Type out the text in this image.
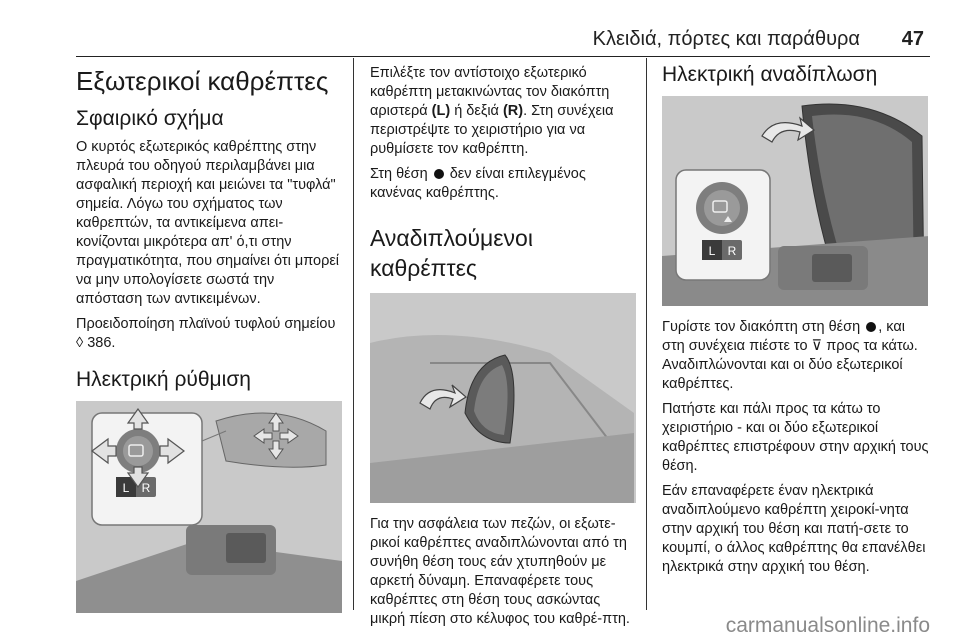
Κλειδιά, πόρτες και παράθυρα 47
Εξωτερικοί καθρέπτες
Σφαιρικό σχήμα

Ο κυρτός εξωτερικός καθρέπτης στην πλευρά του οδηγού περιλαμβάνει μια ασφαλική περιοχή και μειώνει τα "τυφλά" σημεία. Λόγω του σχήματος των καθρεπτών, τα αντικείμενα απει-κονίζονται μικρότερα απ' ό,τι στην πραγματικότητα, που σημαίνει ότι μπορεί να μην υπολογίσετε σωστά την απόσταση των αντικειμένων.

Προειδοποίηση πλαϊνού τυφλού σημείου ◊ 386.

Ηλεκτρική ρύθμιση
L R

Επιλέξτε τον αντίστοιχο εξωτερικό καθρέπτη μετακινώντας τον διακόπτη αριστερά (L) ή δεξιά (R). Στη συνέχεια περιστρέψτε το χειριστήριο για να ρυθμίσετε τον καθρέπτη.

Στη θέση  δεν είναι επιλεγμένος κανένας καθρέπτης.

Αναδιπλούμενοι καθρέπτες

Για την ασφάλεια των πεζών, οι εξωτε-ρικοί καθρέπτες αναδιπλώνονται από τη συνήθη θέση τους εάν χτυπηθούν με αρκετή δύναμη. Επαναφέρετε τους καθρέπτες στη θέση τους ασκώντας μικρή πίεση στο κέλυφος του καθρέ-πτη.

Ηλεκτρική αναδίπλωση
L R

Γυρίστε τον διακόπτη στη θέση , και στη συνέχεια πιέστε το ⊽ προς τα κάτω. Αναδιπλώνονται και οι δύο εξωτερικοί καθρέπτες.

Πατήστε και πάλι προς τα κάτω το χειριστήριο - και οι δύο εξωτερικοί καθρέπτες επιστρέφουν στην αρχική τους θέση.

Εάν επαναφέρετε έναν ηλεκτρικά αναδιπλούμενο καθρέπτη χειροκί-νητα στην αρχική του θέση και πατή-σετε το κουμπί, ο άλλος καθρέπτης θα επανέλθει ηλεκτρικά στην αρχική του θέση.

carmanualsonline.info
